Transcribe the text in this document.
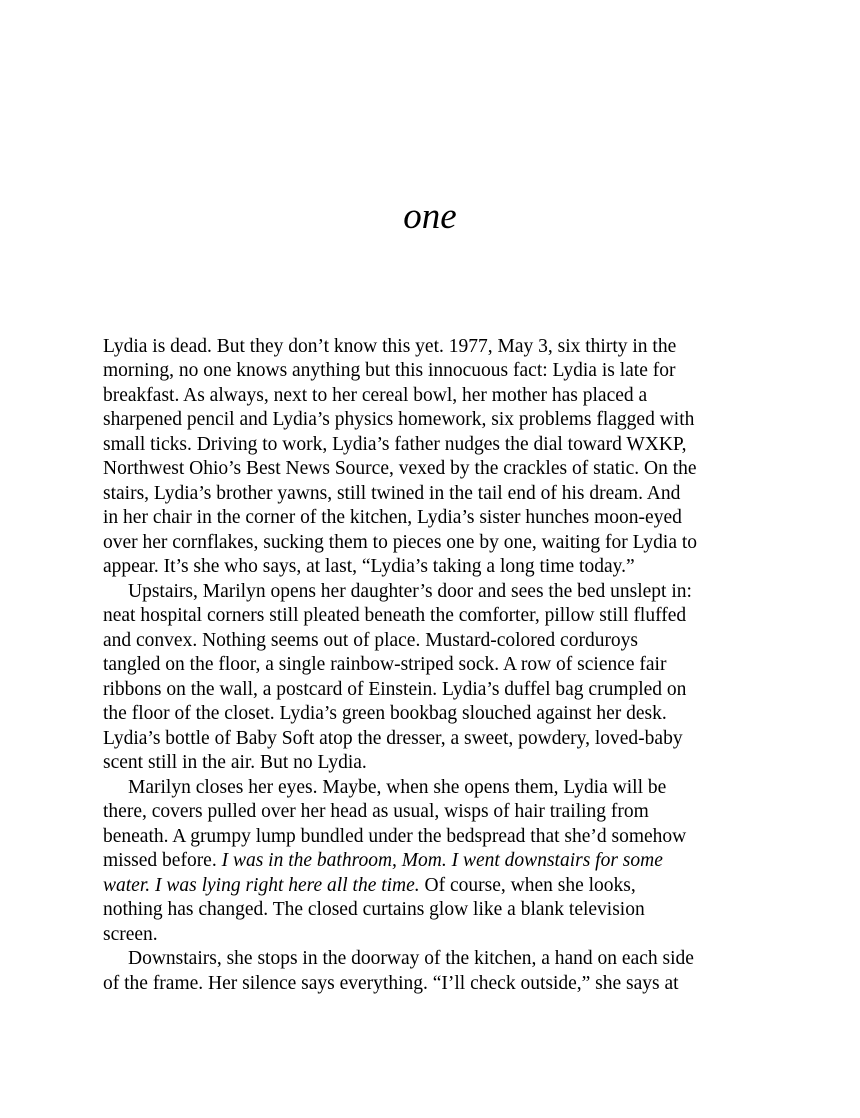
one

Lydia is dead. But they don’t know this yet. 1977, May 3, six thirty in the
morning, no one knows anything but this innocuous fact: Lydia is late for
breakfast. As always, next to her cereal bowl, her mother has placed a
sharpened pencil and Lydia’s physics homework, six problems flagged with
small ticks. Driving to work, Lydia’s father nudges the dial toward WXKP,
Northwest Ohio’s Best News Source, vexed by the crackles of static. On the
stairs, Lydia’s brother yawns, still twined in the tail end of his dream. And
in her chair in the corner of the kitchen, Lydia’s sister hunches moon-eyed
over her cornflakes, sucking them to pieces one by one, waiting for Lydia to
appear. It’s she who says, at last, “Lydia’s taking a long time today.”

Upstairs, Marilyn opens her daughter’s door and sees the bed unslept in:
neat hospital corners still pleated beneath the comforter, pillow still fluffed
and convex. Nothing seems out of place. Mustard-colored corduroys
tangled on the floor, a single rainbow-striped sock. A row of science fair
ribbons on the wall, a postcard of Einstein. Lydia’s duffel bag crumpled on
the floor of the closet. Lydia’s green bookbag slouched against her desk.
Lydia’s bottle of Baby Soft atop the dresser, a sweet, powdery, loved-baby
scent still in the air. But no Lydia.

Marilyn closes her eyes. Maybe, when she opens them, Lydia will be
there, covers pulled over her head as usual, wisps of hair trailing from
beneath. A grumpy lump bundled under the bedspread that she’d somehow
missed before. I was in the bathroom, Mom. I went downstairs for some
water. I was lying right here all the time. Of course, when she looks,
nothing has changed. The closed curtains glow like a blank television
screen.

Downstairs, she stops in the doorway of the kitchen, a hand on each side
of the frame. Her silence says everything. “I’ll check outside,” she says at
